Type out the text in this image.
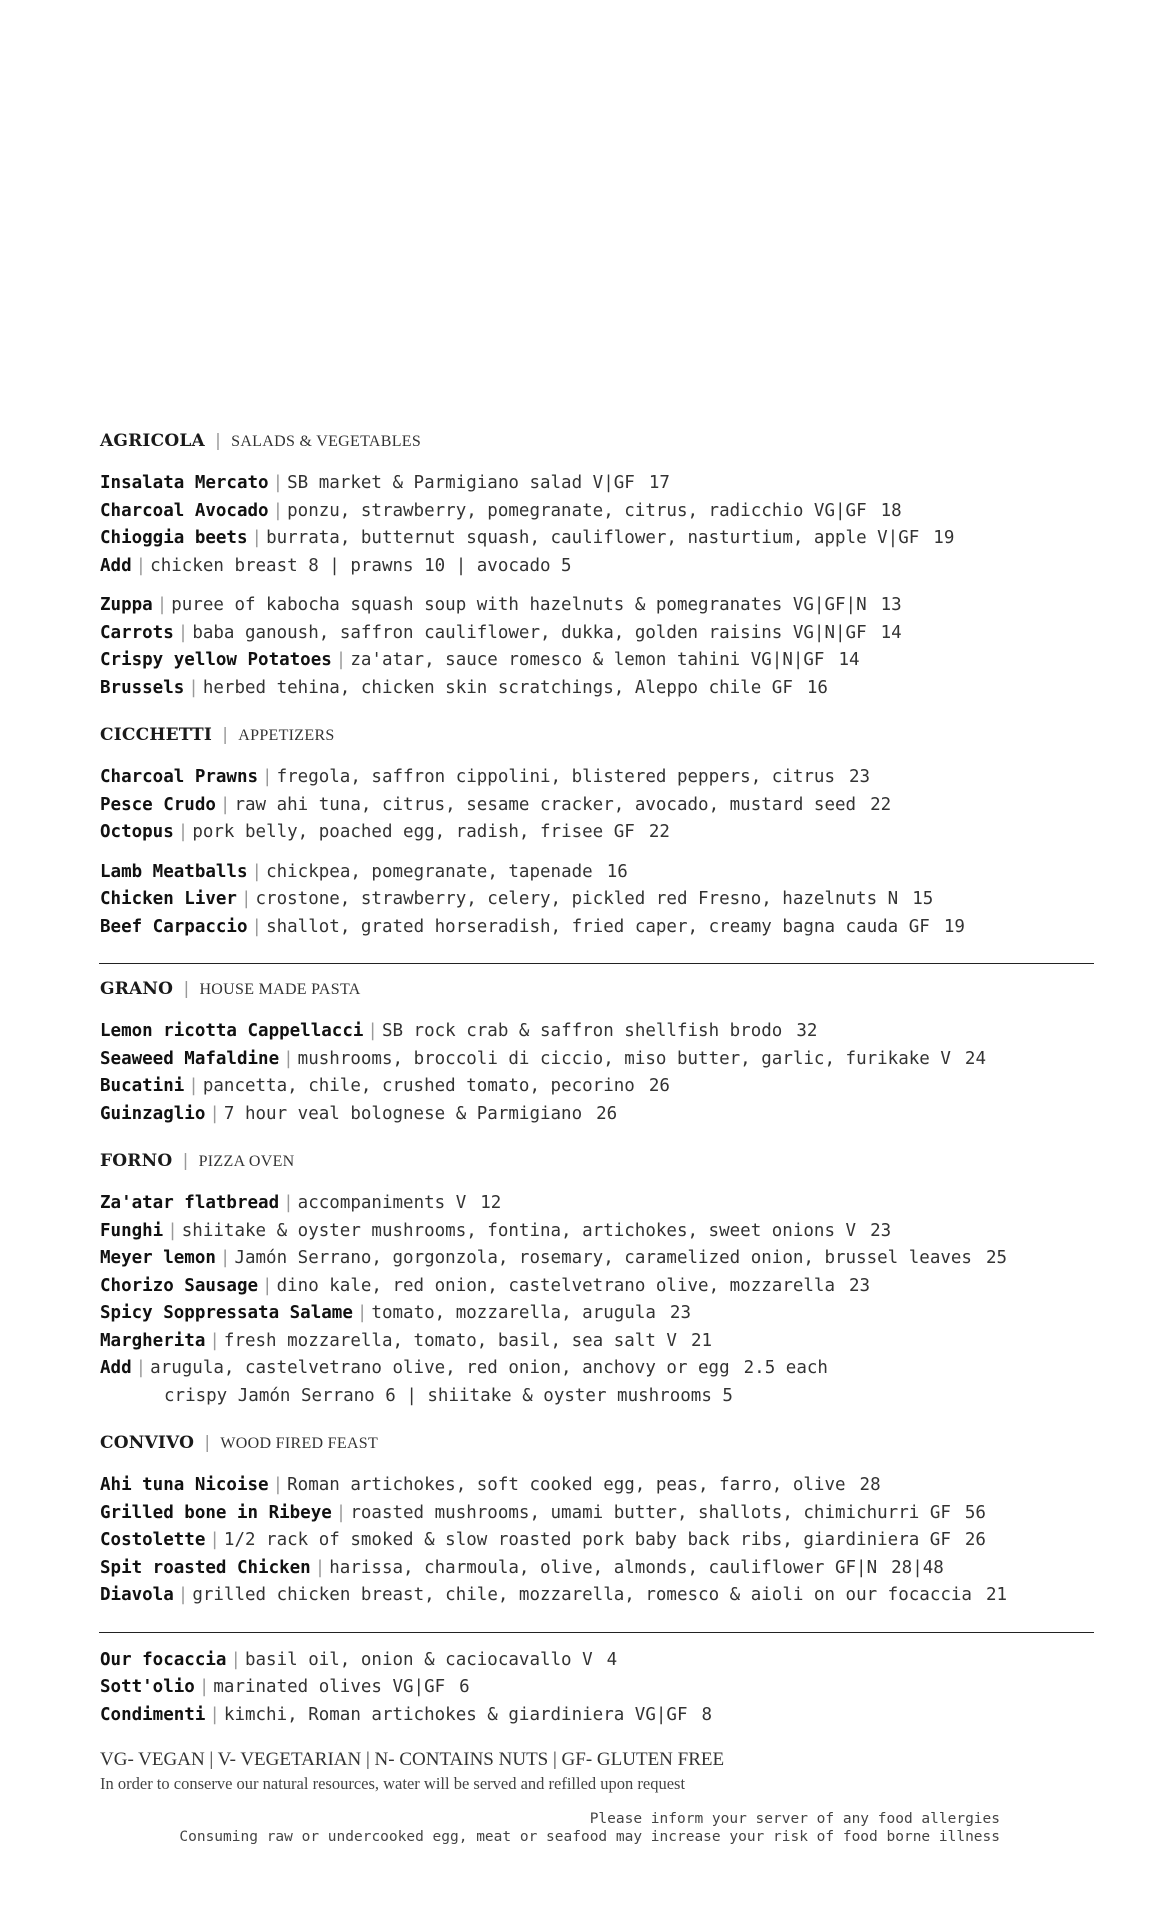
AGRICOLA | SALADS & VEGETABLES
Insalata Mercato | SB market & Parmigiano salad V|GF 17
Charcoal Avocado | ponzu, strawberry, pomegranate, citrus, radicchio VG|GF 18
Chioggia beets | burrata, butternut squash, cauliflower, nasturtium, apple V|GF 19
Add | chicken breast 8 | prawns 10 | avocado 5
Zuppa | puree of kabocha squash soup with hazelnuts & pomegranates VG|GF|N 13
Carrots | baba ganoush, saffron cauliflower, dukka, golden raisins VG|N|GF 14
Crispy yellow Potatoes | za'atar, sauce romesco & lemon tahini VG|N|GF 14
Brussels | herbed tehina, chicken skin scratchings, Aleppo chile GF 16
CICCHETTI | APPETIZERS
Charcoal Prawns | fregola, saffron cippolini, blistered peppers, citrus 23
Pesce Crudo | raw ahi tuna, citrus, sesame cracker, avocado, mustard seed 22
Octopus | pork belly, poached egg, radish, frisee GF 22
Lamb Meatballs | chickpea, pomegranate, tapenade 16
Chicken Liver | crostone, strawberry, celery, pickled red Fresno, hazelnuts N 15
Beef Carpaccio | shallot, grated horseradish, fried caper, creamy bagna cauda GF 19
GRANO | HOUSE MADE PASTA
Lemon ricotta Cappellacci | SB rock crab & saffron shellfish brodo 32
Seaweed Mafaldine | mushrooms, broccoli di ciccio, miso butter, garlic, furikake V 24
Bucatini | pancetta, chile, crushed tomato, pecorino 26
Guinzaglio | 7 hour veal bolognese & Parmigiano 26
FORNO | PIZZA OVEN
Za'atar flatbread | accompaniments V 12
Funghi | shiitake & oyster mushrooms, fontina, artichokes, sweet onions V 23
Meyer lemon | Jamón Serrano, gorgonzola, rosemary, caramelized onion, brussel leaves 25
Chorizo Sausage | dino kale, red onion, castelvetrano olive, mozzarella 23
Spicy Soppressata Salame | tomato, mozzarella, arugula 23
Margherita | fresh mozzarella, tomato, basil, sea salt V 21
Add | arugula, castelvetrano olive, red onion, anchovy or egg 2.5 each
crispy Jamón Serrano 6 | shiitake & oyster mushrooms 5
CONVIVO | WOOD FIRED FEAST
Ahi tuna Nicoise | Roman artichokes, soft cooked egg, peas, farro, olive 28
Grilled bone in Ribeye | roasted mushrooms, umami butter, shallots, chimichurri GF 56
Costolette | 1/2 rack of smoked & slow roasted pork baby back ribs, giardiniera GF 26
Spit roasted Chicken | harissa, charmoula, olive, almonds, cauliflower GF|N 28|48
Diavola | grilled chicken breast, chile, mozzarella, romesco & aioli on our focaccia 21
Our focaccia | basil oil, onion & caciocavallo V 4
Sott'olio | marinated olives VG|GF 6
Condimenti | kimchi, Roman artichokes & giardiniera VG|GF 8
VG- VEGAN | V- VEGETARIAN | N- CONTAINS NUTS | GF- GLUTEN FREE
In order to conserve our natural resources, water will be served and refilled upon request
Please inform your server of any food allergies
Consuming raw or undercooked egg, meat or seafood may increase your risk of food borne illness
